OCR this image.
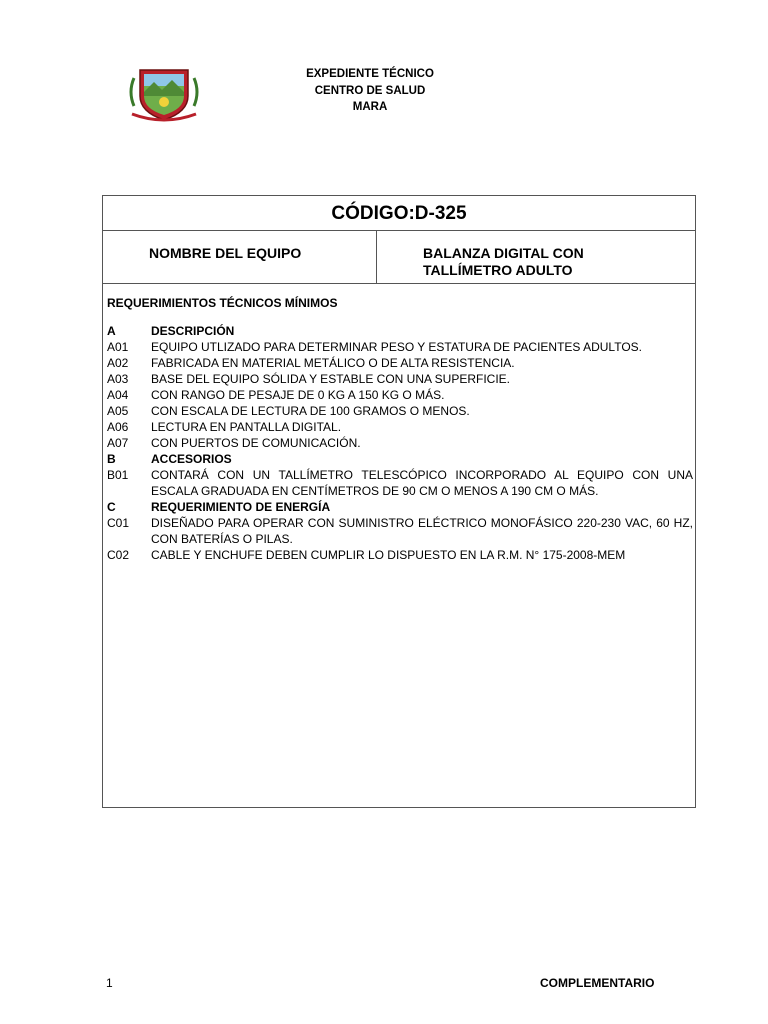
EXPEDIENTE TÉCNICO
CENTRO DE SALUD
MARA
CÓDIGO:D-325
NOMBRE DEL EQUIPO	BALANZA DIGITAL CON
TALLÍMETRO ADULTO
REQUERIMIENTOS TÉCNICOS MÍNIMOS
A	DESCRIPCIÓN
A01	EQUIPO UTLIZADO PARA DETERMINAR PESO Y ESTATURA DE PACIENTES ADULTOS.
A02	FABRICADA EN MATERIAL METÁLICO O DE ALTA RESISTENCIA.
A03	BASE DEL EQUIPO SÓLIDA Y ESTABLE CON UNA SUPERFICIE.
A04	CON RANGO DE PESAJE DE 0 KG A 150 KG O MÁS.
A05	CON ESCALA DE LECTURA DE 100 GRAMOS O MENOS.
A06	LECTURA EN PANTALLA DIGITAL.
A07	CON PUERTOS DE COMUNICACIÓN.
B	ACCESORIOS
B01	CONTARÁ CON UN TALLÍMETRO TELESCÓPICO INCORPORADO AL EQUIPO CON UNA ESCALA GRADUADA EN CENTÍMETROS DE 90 CM O MENOS A 190 CM O MÁS.
C	REQUERIMIENTO DE ENERGÍA
C01	DISEÑADO PARA OPERAR CON SUMINISTRO ELÉCTRICO MONOFÁSICO 220-230 VAC, 60 HZ, CON BATERÍAS O PILAS.
C02	CABLE Y ENCHUFE DEBEN CUMPLIR LO DISPUESTO EN LA R.M. N° 175-2008-MEM
1	COMPLEMENTARIO
